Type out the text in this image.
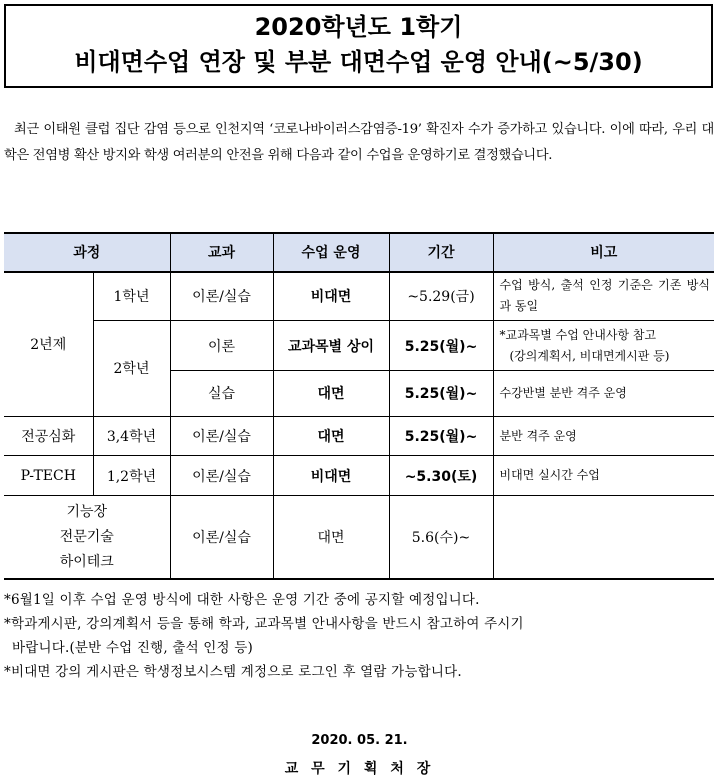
2020학년도 1학기
비대면수업 연장 및 부분 대면수업 운영 안내(~5/30)

최근 이태원 클럽 집단 감염 등으로 인천지역 ‘코로나바이러스감염증-19’ 확진자 수가 증가하고 있습니다. 이에 따라, 우리 대학은 전염병 확산 방지와 학생 여러분의 안전을 위해 다음과 같이 수업을 운영하기로 결정했습니다.

과정		교과	수업 운영	기간	비고
2년제	1학년	이론/실습	비대면	~5.29(금)	수업 방식, 출석 인정 기준은 기존 방식과 동일
	2학년	이론	교과목별 상이	5.25(월)~	*교과목별 수업 안내사항 참고
(강의계획서, 비대면게시판 등)

		실습	대면	5.25(월)~	수강반별 분반 격주 운영
전공심화	3,4학년	이론/실습	대면	5.25(월)~	분반 격주 운영
P-TECH	1,2학년	이론/실습	비대면	~5.30(토)	비대면 실시간 수업

기능장
전문기술
하이테크		이론/실습	대면	5.6(수)~	

*6월1일 이후 수업 운영 방식에 대한 사항은 운영 기간 중에 공지할 예정입니다.

*학과게시판, 강의계획서 등을 통해 학과, 교과목별 안내사항을 반드시 참고하여 주시기

바랍니다.(분반 수업 진행, 출석 인정 등)

*비대면 강의 게시판은 학생정보시스템 계정으로 로그인 후 열람 가능합니다.

2020. 05. 21.
교 무 기 획 처 장
